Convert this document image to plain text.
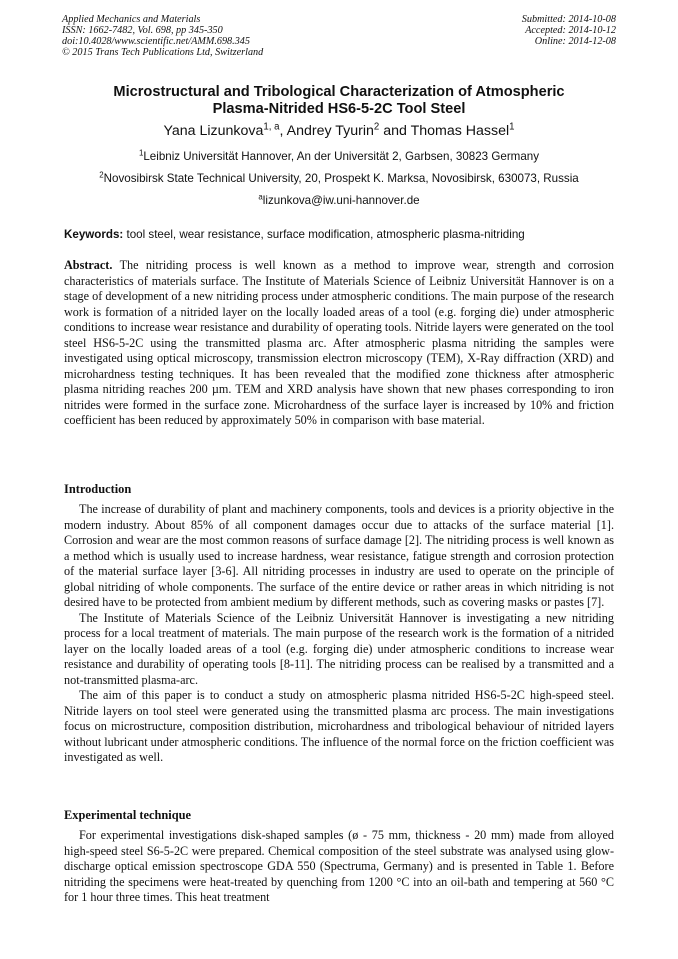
Applied Mechanics and Materials
ISSN: 1662-7482, Vol. 698, pp 345-350
doi:10.4028/www.scientific.net/AMM.698.345
© 2015 Trans Tech Publications Ltd, Switzerland
Submitted: 2014-10-08
Accepted: 2014-10-12
Online: 2014-12-08
Microstructural and Tribological Characterization of Atmospheric
Plasma-Nitrided HS6-5-2C Tool Steel
Yana Lizunkova$^{1, a}$, Andrey Tyurin$^2$ and Thomas Hassel$^1$
$^1$Leibniz Universität Hannover, An der Universität 2, Garbsen, 30823 Germany
$^2$Novosibirsk State Technical University, 20, Prospekt K. Marksa, Novosibirsk, 630073, Russia
$^a$lizunkova@iw.uni-hannover.de
Keywords: tool steel, wear resistance, surface modification, atmospheric plasma-nitriding

Abstract. The nitriding process is well known as a method to improve wear, strength and corrosion characteristics of materials surface. The Institute of Materials Science of Leibniz Universität Hannover is on a stage of development of a new nitriding process under atmospheric conditions. The main purpose of the research work is formation of a nitrided layer on the locally loaded areas of a tool (e.g. forging die) under atmospheric conditions to increase wear resistance and durability of operating tools. Nitride layers were generated on the tool steel HS6-5-2C using the transmitted plasma arc. After atmospheric plasma nitriding the samples were investigated using optical microscopy, transmission electron microscopy (TEM), X-Ray diffraction (XRD) and microhardness testing techniques. It has been revealed that the modified zone thickness after atmospheric plasma nitriding reaches 200 µm. TEM and XRD analysis have shown that new phases corresponding to iron nitrides were formed in the surface zone. Microhardness of the surface layer is increased by 10% and friction coefficient has been reduced by approximately 50% in comparison with base material.

Introduction

The increase of durability of plant and machinery components, tools and devices is a priority objective in the modern industry. About 85% of all component damages occur due to attacks of the surface material [1]. Corrosion and wear are the most common reasons of surface damage [2]. The nitriding process is well known as a method which is usually used to increase hardness, wear resistance, fatigue strength and corrosion protection of the material surface layer [3-6]. All nitriding processes in industry are used to operate on the principle of global nitriding of whole components. The surface of the entire device or rather areas in which nitriding is not desired have to be protected from ambient medium by different methods, such as covering masks or pastes [7].

The Institute of Materials Science of the Leibniz Universität Hannover is investigating a new nitriding process for a local treatment of materials. The main purpose of the research work is the formation of a nitrided layer on the locally loaded areas of a tool (e.g. forging die) under atmospheric conditions to increase wear resistance and durability of operating tools [8-11]. The nitriding process can be realised by a transmitted and a not-transmitted plasma-arc.

The aim of this paper is to conduct a study on atmospheric plasma nitrided HS6-5-2C high-speed steel. Nitride layers on tool steel were generated using the transmitted plasma arc process. The main investigations focus on microstructure, composition distribution, microhardness and tribological behaviour of nitrided layers without lubricant under atmospheric conditions. The influence of the normal force on the friction coefficient was investigated as well.

Experimental technique

For experimental investigations disk-shaped samples (ø - 75 mm, thickness - 20 mm) made from alloyed high-speed steel S6-5-2C were prepared. Chemical composition of the steel substrate was analysed using glow-discharge optical emission spectroscope GDA 550 (Spectruma, Germany) and is presented in Table 1. Before nitriding the specimens were heat-treated by quenching from 1200 °C into an oil-bath and tempering at 560 °C for 1 hour three times. This heat treatment
